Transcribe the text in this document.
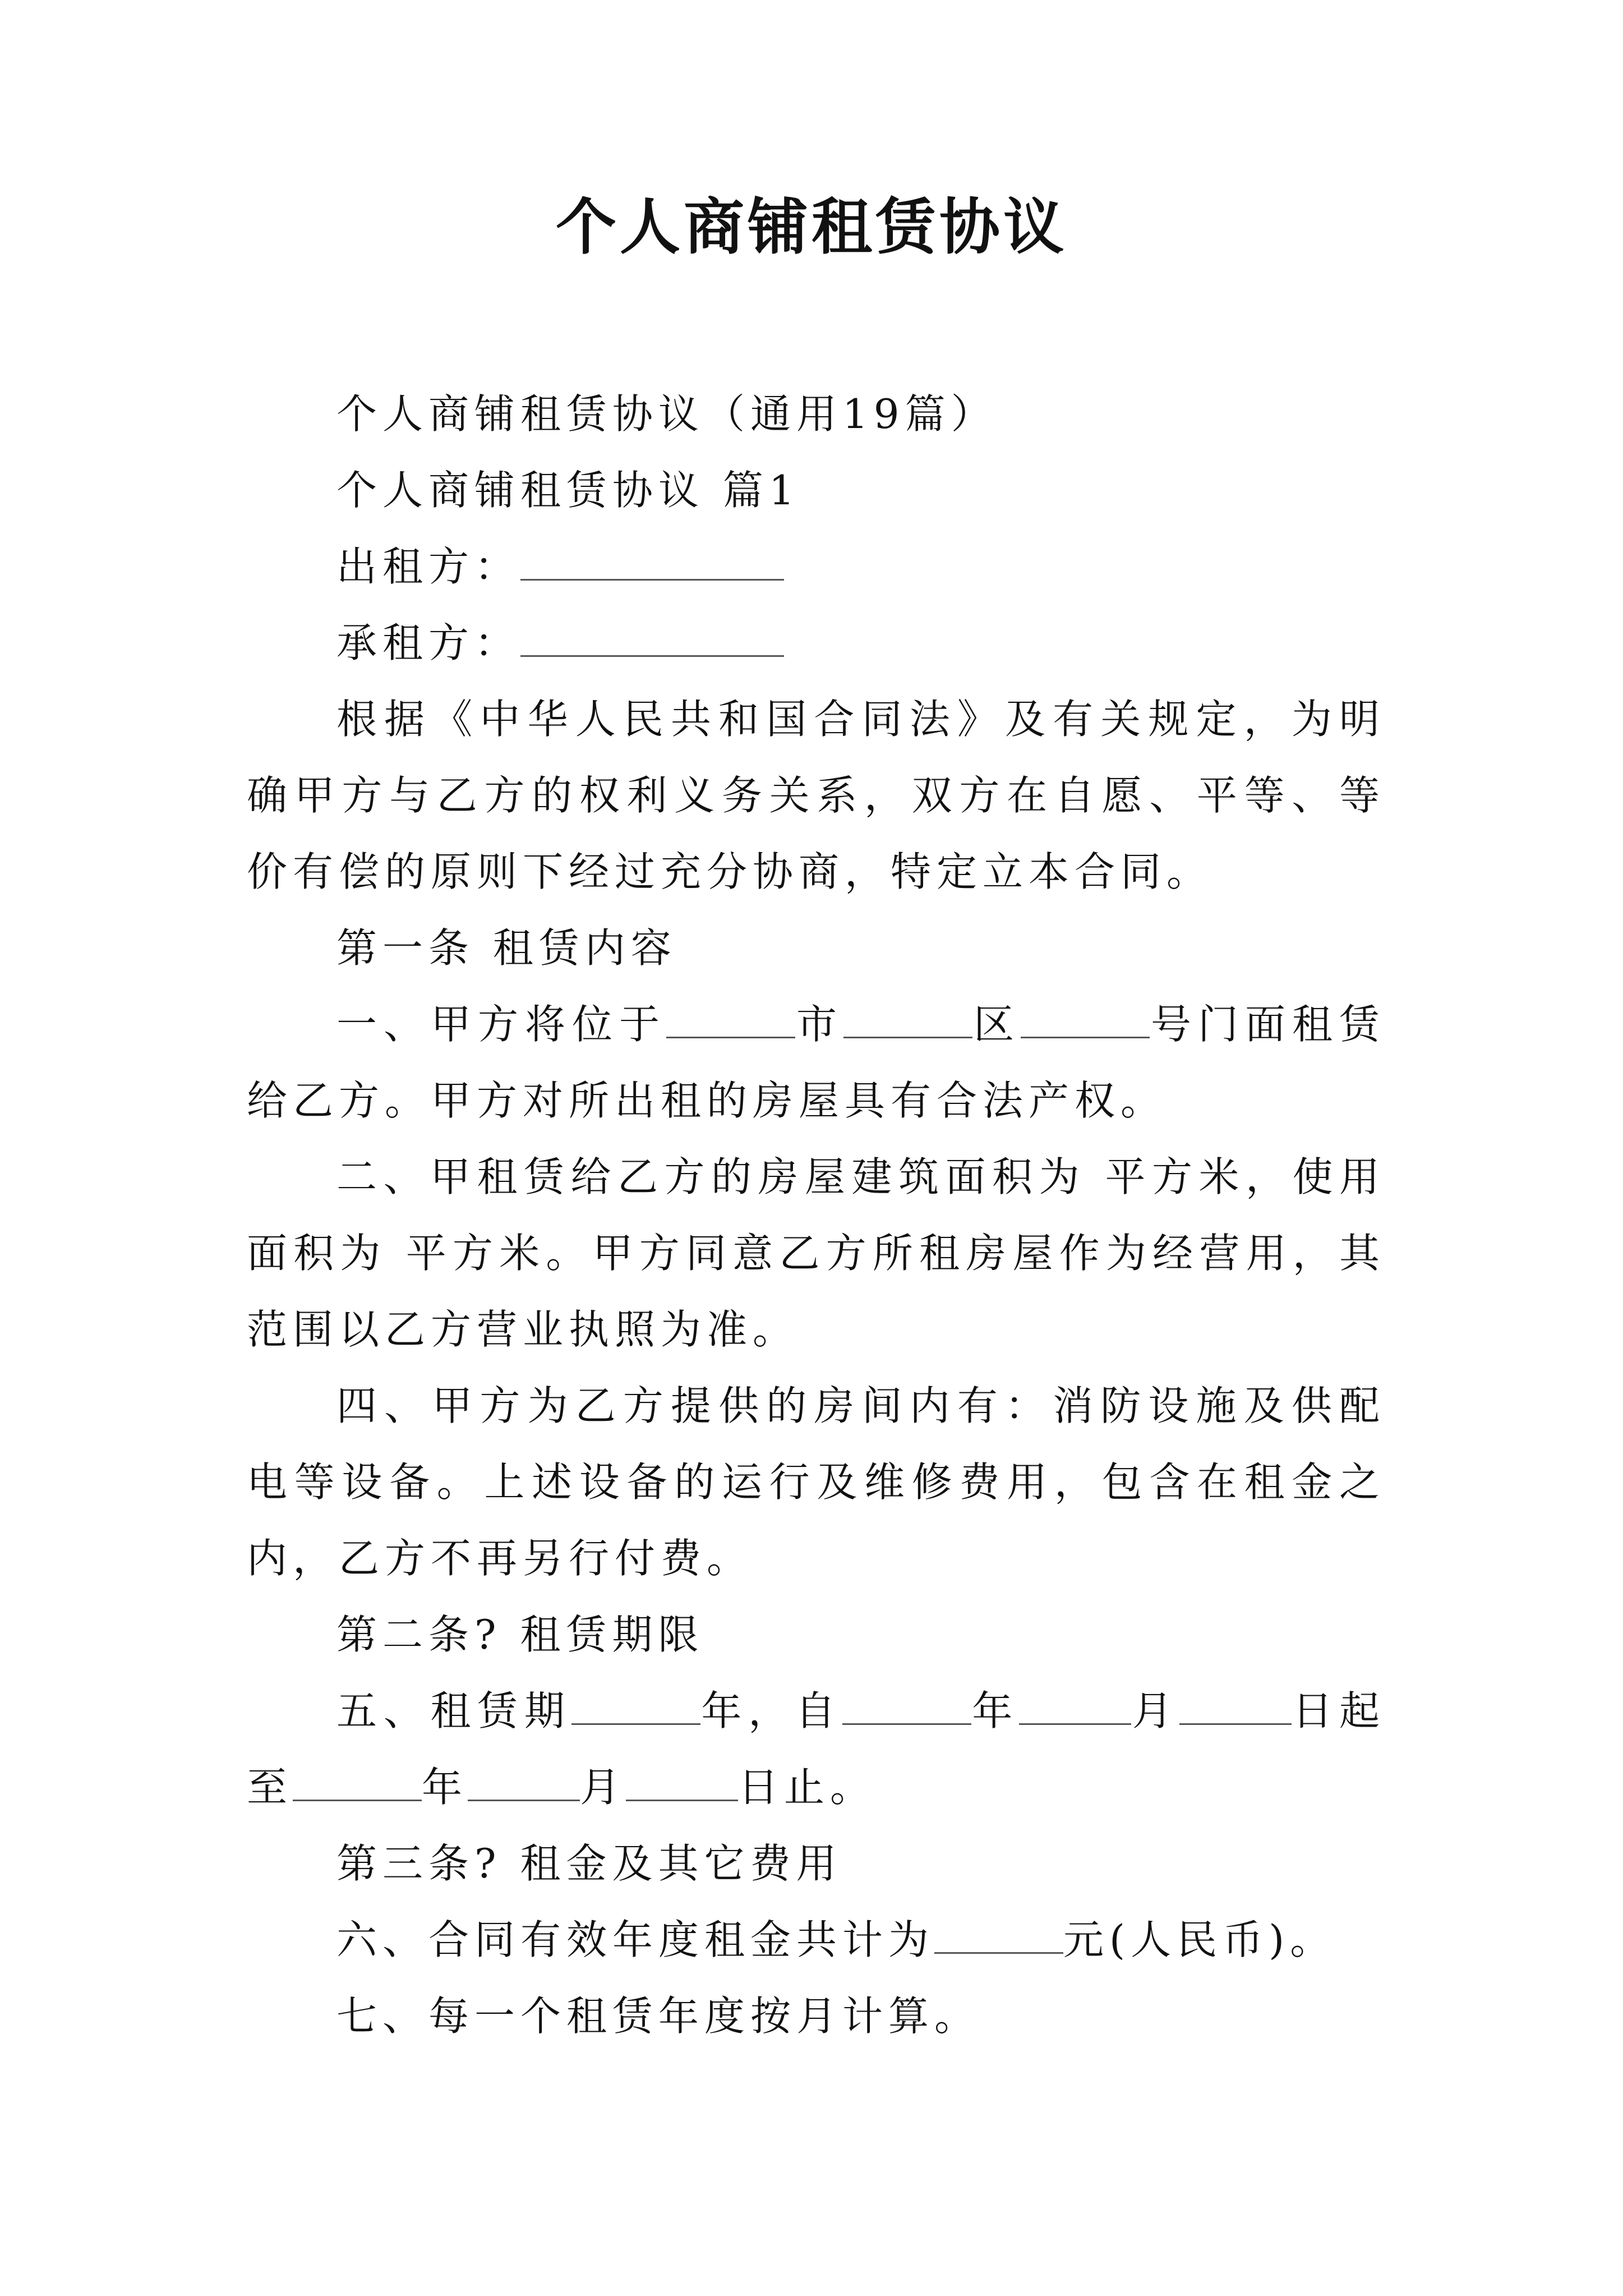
个人商铺租赁协议

个人商铺租赁协议（通用19篇）

个人商铺租赁协议 篇1

出租方：

承租方：

根据《中华人民共和国合同法》及有关规定，为明确甲方与乙方的权利义务关系，双方在自愿、平等、等价有偿的原则下经过充分协商，特定立本合同。

第一条 租赁内容

一、甲方将位于	市	区	号门面租赁给乙方。甲方对所出租的房屋具有合法产权。

二、甲租赁给乙方的房屋建筑面积为 平方米，使用面积为 平方米。甲方同意乙方所租房屋作为经营用，其范围以乙方营业执照为准。

四、甲方为乙方提供的房间内有：消防设施及供配电等设备。上述设备的运行及维修费用，包含在租金之内，乙方不再另行付费。

第二条? 租赁期限

五、租赁期	年，自	年	月	日起至	年	月	日止。

第三条? 租金及其它费用

六、合同有效年度租金共计为	元(人民币)。

七、每一个租赁年度按月计算。
